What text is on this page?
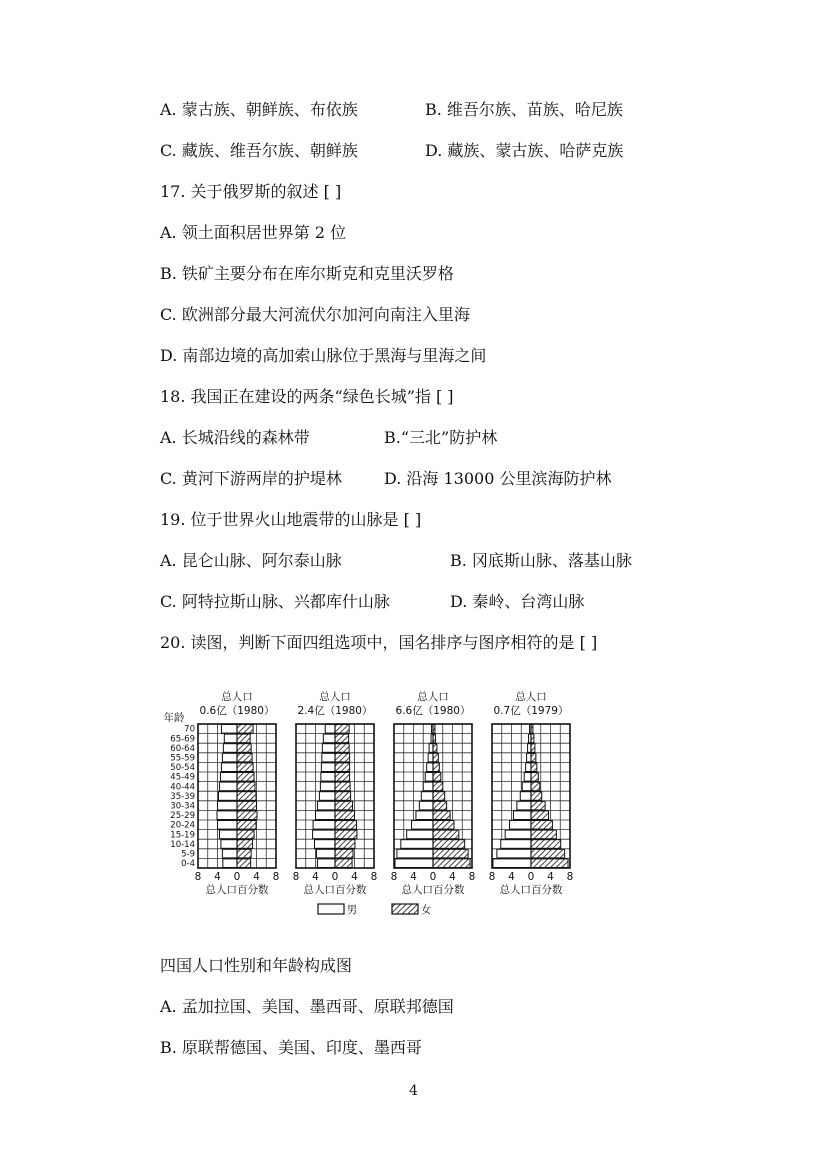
A. 蒙古族、朝鲜族、布依族	B. 维吾尔族、苗族、哈尼族
C. 藏族、维吾尔族、朝鲜族	D. 藏族、蒙古族、哈萨克族
17. 关于俄罗斯的叙述 [ ]
A. 领土面积居世界第 2 位
B. 铁矿主要分布在库尔斯克和克里沃罗格
C. 欧洲部分最大河流伏尔加河向南注入里海
D. 南部边境的高加索山脉位于黑海与里海之间
18. 我国正在建设的两条“绿色长城”指 [ ]
A. 长城沿线的森林带	B.“三北”防护林
C. 黄河下游两岸的护堤林	D. 沿海 13000 公里滨海防护林
19. 位于世界火山地震带的山脉是 [ ]
A. 昆仑山脉、阿尔泰山脉	B. 冈底斯山脉、落基山脉
C. 阿特拉斯山脉、兴都库什山脉	D. 秦岭、台湾山脉
20. 读图，判断下面四组选项中，国名排序与图序相符的是 [ ]
年龄
70
65-69
60-64
55-59
50-54
45-49
40-44
35-39
30-34
25-29
20-24
15-19
10-14
5-9
0-4
总人口
0.6亿（1980）
8 4 0 4 8
总人口百分数
总人口
2.4亿（1980）
8 4 0 4 8
总人口百分数
总人口
6.6亿（1980）
8 4 0 4 8
总人口百分数
总人口
0.7亿（1979）
8 4 0 4 8
总人口百分数
男	女
四国人口性别和年龄构成图
A. 孟加拉国、美国、墨西哥、原联邦德国
B. 原联帮德国、美国、印度、墨西哥
4
